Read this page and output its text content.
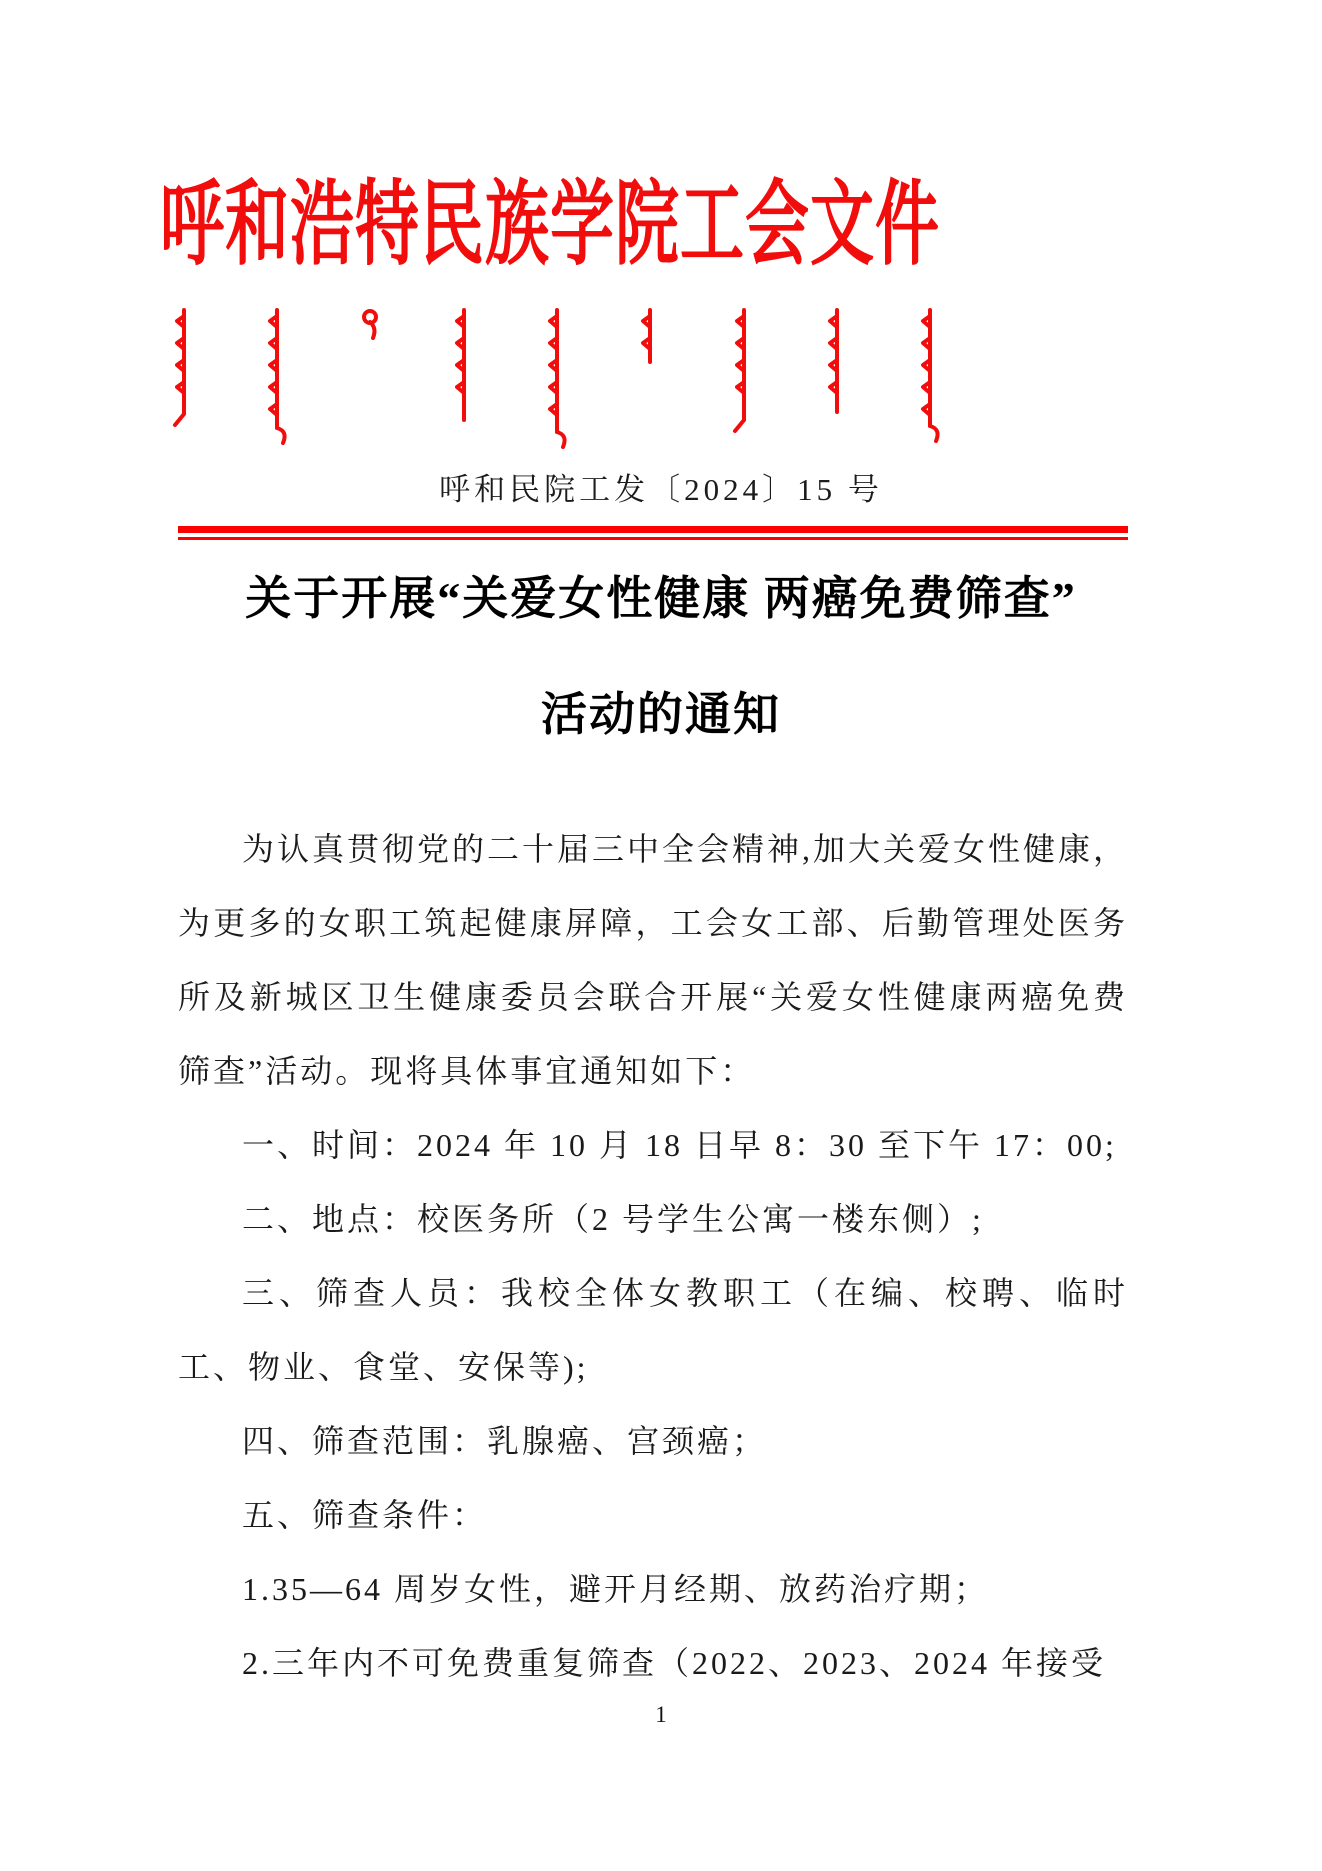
呼和浩特民族学院工会文件
呼和民院工发〔2024〕15 号
关于开展“关爱女性健康 两癌免费筛查”
活动的通知

为认真贯彻党的二十届三中全会精神,加大关爱女性健康，为更多的女职工筑起健康屏障，工会女工部、后勤管理处医务所及新城区卫生健康委员会联合开展“关爱女性健康两癌免费筛查”活动。现将具体事宜通知如下：

一、时间：2024 年 10 月 18 日早 8：30 至下午 17：00;

二、地点：校医务所（2 号学生公寓一楼东侧）;

三、筛查人员：我校全体女教职工（在编、校聘、临时工、物业、食堂、安保等);

四、筛查范围：乳腺癌、宫颈癌；

五、筛查条件：

1.35—64 周岁女性，避开月经期、放药治疗期；

2.三年内不可免费重复筛查（2022、2023、2024 年接受

1
